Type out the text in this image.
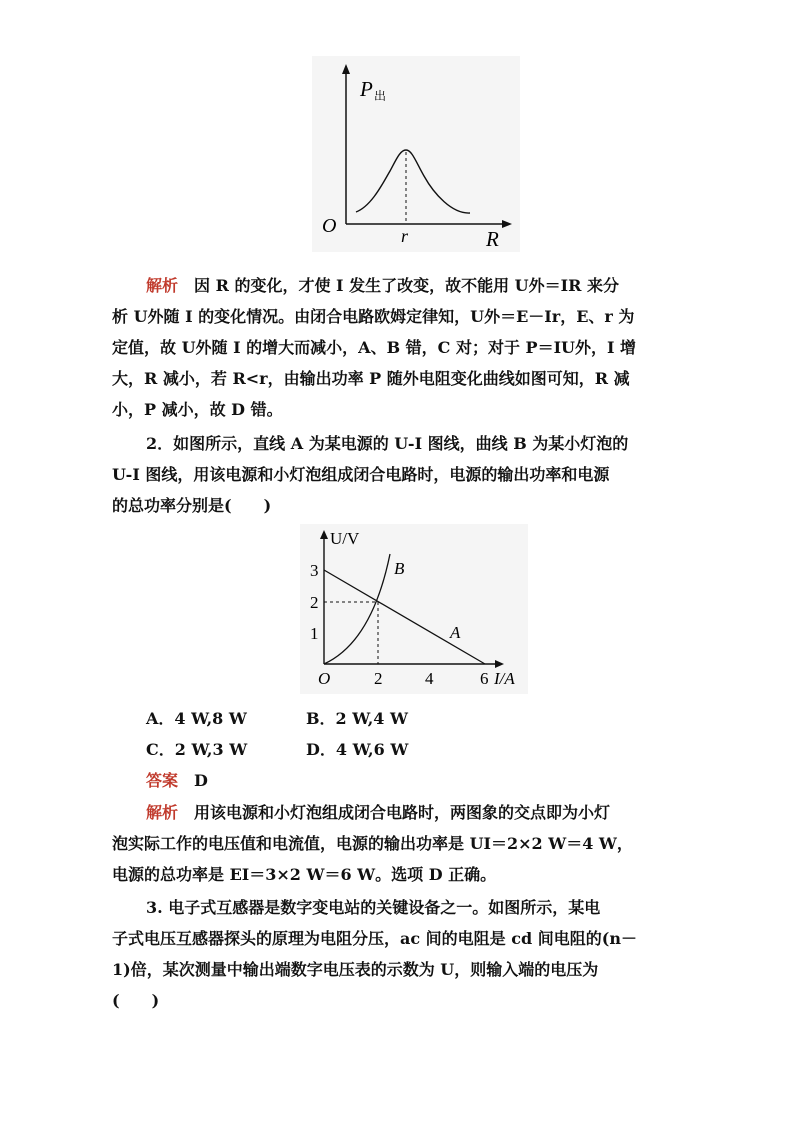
P 出
O	r	R
解析　 因 R 的变化，才使 I 发生了改变，故不能用 U外＝IR 来分
析 U外随 I 的变化情况。由闭合电路欧姆定律知，U外＝E－Ir，E、r 为
定值，故 U外随 I 的增大而减小，A、B 错，C 对；对于 P＝IU外，I 增
大，R 减小，若 R<r，由输出功率 P 随外电阻变化曲线如图可知，R 减
小，P 减小，故 D 错。
2．如图所示，直线 A 为某电源的 U-I 图线，曲线 B 为某小灯泡的
U-I 图线，用该电源和小灯泡组成闭合电路时，电源的输出功率和电源
的总功率分别是(　　)
U/V
3
2
1
O	2	4	6 I/A
A
B
A．4 W,8 W	B．2 W,4 W
C．2 W,3 W	D．4 W,6 W
答案　 D
解析　 用该电源和小灯泡组成闭合电路时，两图象的交点即为小灯
泡实际工作的电压值和电流值，电源的输出功率是 UI＝2×2 W＝4 W，
电源的总功率是 EI＝3×2 W＝6 W。选项 D 正确。
3. 电子式互感器是数字变电站的关键设备之一。如图所示，某电
子式电压互感器探头的原理为电阻分压，ac 间的电阻是 cd 间电阻的(n－
1)倍，某次测量中输出端数字电压表的示数为 U，则输入端的电压为
(　　)
